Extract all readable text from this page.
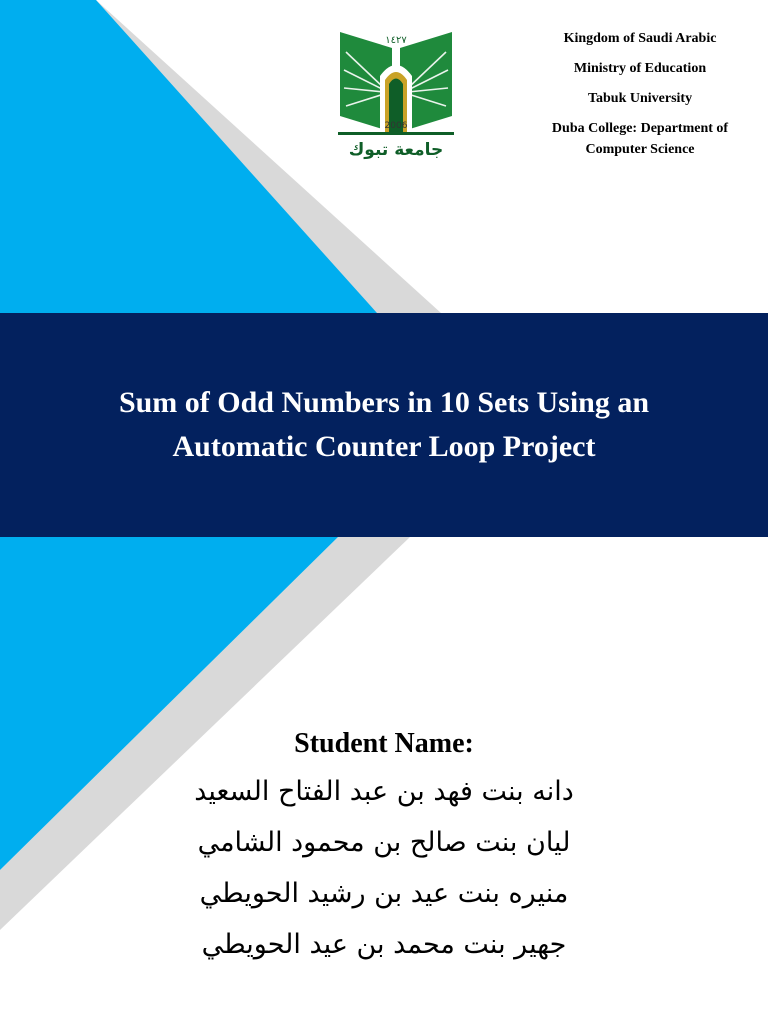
١٤٢٧
2006
جامعة تبوك
Kingdom of Saudi Arabic
Ministry of Education
Tabuk University
Duba College: Department of Computer Science
Sum of Odd Numbers in 10 Sets Using an Automatic Counter Loop Project
Student Name:
دانه بنت فهد بن عبد الفتاح السعيد
ليان بنت صالح بن محمود الشامي
منيره بنت عيد بن رشيد الحويطي
جهير بنت محمد بن عيد الحويطي
